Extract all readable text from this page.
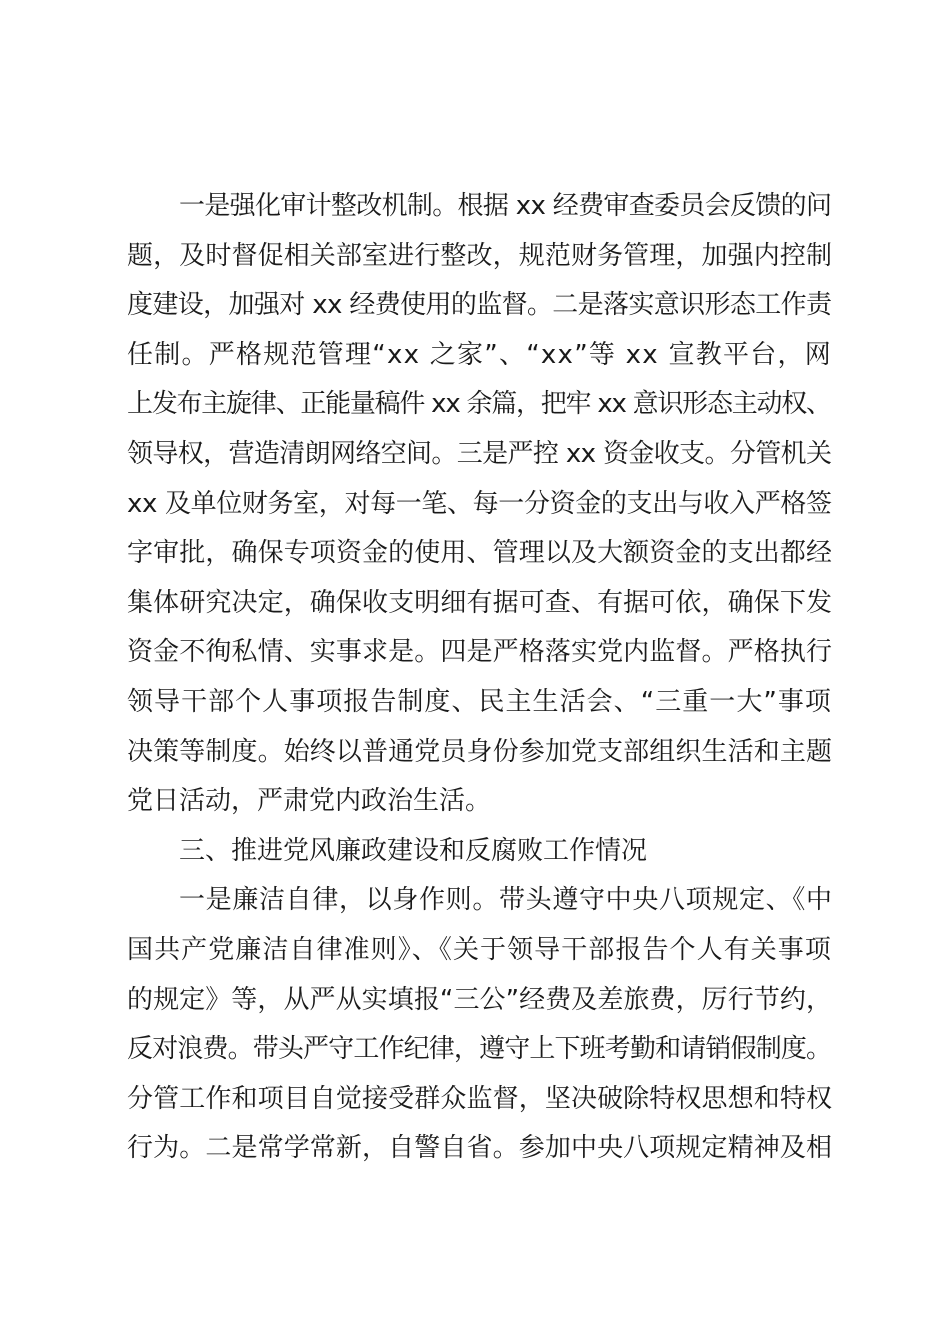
一是强化审计整改机制。根据 xx 经费审查委员会反馈的问
题，及时督促相关部室进行整改，规范财务管理，加强内控制
度建设，加强对 xx 经费使用的监督。二是落实意识形态工作责
任制。严格规范管理“xx 之家”、“xx”等 xx 宣教平台，网
上发布主旋律、正能量稿件 xx 余篇，把牢 xx 意识形态主动权、
领导权，营造清朗网络空间。三是严控 xx 资金收支。分管机关
xx 及单位财务室，对每一笔、每一分资金的支出与收入严格签
字审批，确保专项资金的使用、管理以及大额资金的支出都经
集体研究决定，确保收支明细有据可查、有据可依，确保下发
资金不徇私情、实事求是。四是严格落实党内监督。严格执行
领导干部个人事项报告制度、民主生活会、“三重一大”事项
决策等制度。始终以普通党员身份参加党支部组织生活和主题
党日活动，严肃党内政治生活。
三、推进党风廉政建设和反腐败工作情况
一是廉洁自律，以身作则。带头遵守中央八项规定、《中
国共产党廉洁自律准则》、《关于领导干部报告个人有关事项
的规定》等，从严从实填报“三公”经费及差旅费，厉行节约，
反对浪费。带头严守工作纪律，遵守上下班考勤和请销假制度。
分管工作和项目自觉接受群众监督，坚决破除特权思想和特权
行为。二是常学常新，自警自省。参加中央八项规定精神及相
